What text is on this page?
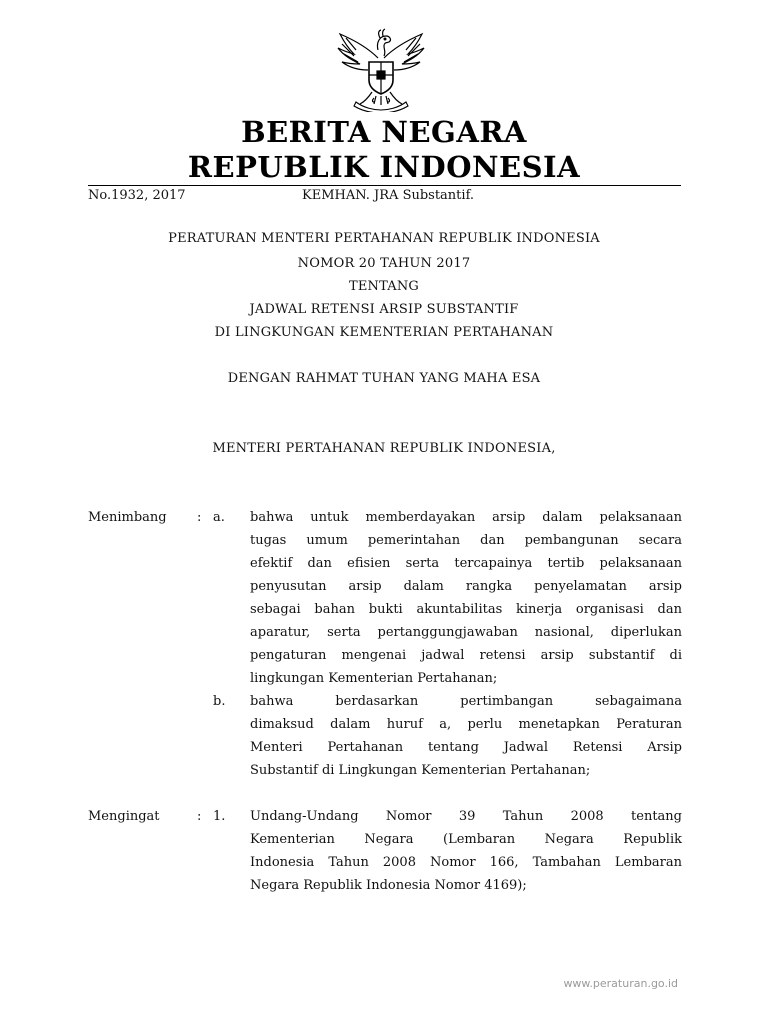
BERITA NEGARA
REPUBLIK INDONESIA
No.1932, 2017	KEMHAN. JRA Substantif.
PERATURAN MENTERI PERTAHANAN REPUBLIK INDONESIA
NOMOR 20 TAHUN 2017
TENTANG
JADWAL RETENSI ARSIP SUBSTANTIF
DI LINGKUNGAN KEMENTERIAN PERTAHANAN
DENGAN RAHMAT TUHAN YANG MAHA ESA
MENTERI PERTAHANAN REPUBLIK INDONESIA,
Menimbang : a. bahwa untuk memberdayakan arsip dalam pelaksanaan
tugas umum pemerintahan dan pembangunan secara
efektif dan efisien serta tercapainya tertib pelaksanaan
penyusutan arsip dalam rangka penyelamatan arsip
sebagai bahan bukti akuntabilitas kinerja organisasi dan
aparatur, serta pertanggungjawaban nasional, diperlukan
pengaturan mengenai jadwal retensi arsip substantif di
lingkungan Kementerian Pertahanan;
b. bahwa berdasarkan pertimbangan sebagaimana
dimaksud dalam huruf a, perlu menetapkan Peraturan
Menteri Pertahanan tentang Jadwal Retensi Arsip
Substantif di Lingkungan Kementerian Pertahanan;
Mengingat	: 1. Undang-Undang Nomor 39 Tahun 2008 tentang
Kementerian Negara (Lembaran Negara Republik
Indonesia Tahun 2008 Nomor 166, Tambahan Lembaran
Negara Republik Indonesia Nomor 4169);
www.peraturan.go.id
